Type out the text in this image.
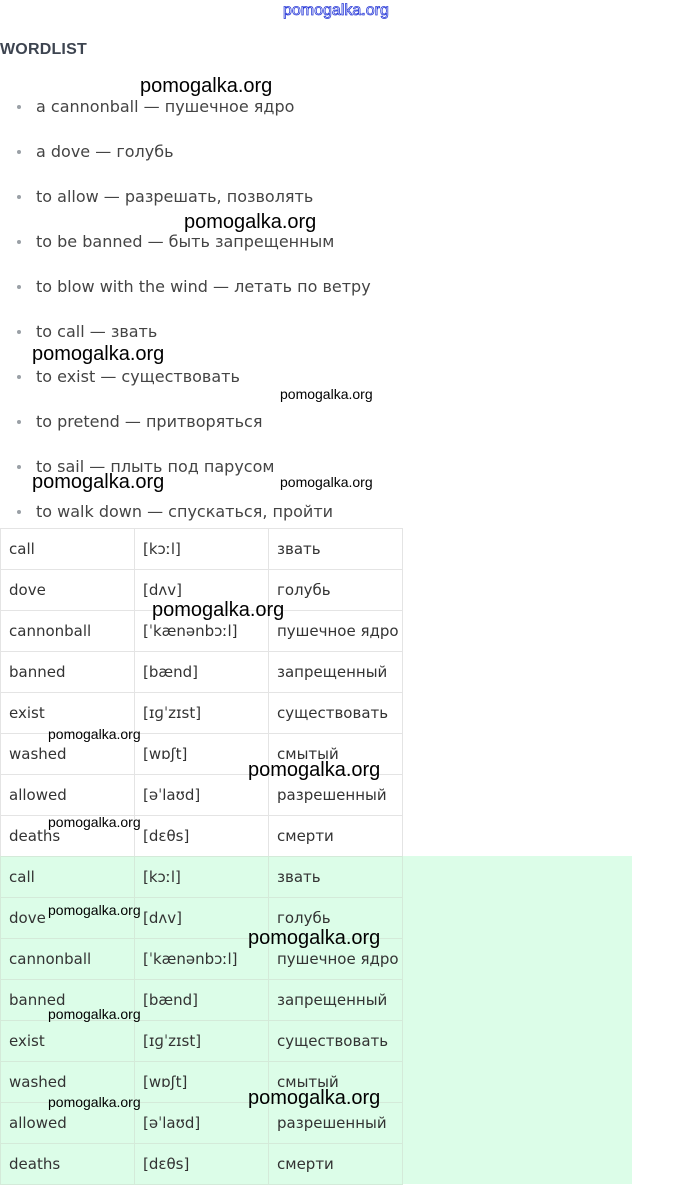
pomogalka.org
WORDLIST
a cannonball — пушечное ядро
a dove — голубь
to allow — разрешать, позволять
to be banned — быть запрещенным
to blow with the wind — летать по ветру
to call — звать
to exist — существовать
to pretend — притворяться
to sail — плыть под парусом
to walk down — спускаться, пройти
call	[kɔːl]	звать
dove	[dʌv]	голубь
cannonball	[ˈkænənbɔːl]	пушечное ядро
banned	[bænd]	запрещенный
exist	[ɪɡˈzɪst]	существовать
washed	[wɒʃt]	смытый
allowed	[əˈlaʊd]	разрешенный
deaths	[dɛθs]	смерти
call	[kɔːl]	звать
dove	[dʌv]	голубь
cannonball	[ˈkænənbɔːl]	пушечное ядро
banned	[bænd]	запрещенный
exist	[ɪɡˈzɪst]	существовать
washed	[wɒʃt]	смытый
allowed	[əˈlaʊd]	разрешенный
deaths	[dɛθs]	смерти
pomogalka.org
pomogalka.org
pomogalka.org
pomogalka.org
pomogalka.org	pomogalka.org
pomogalka.org
pomogalka.org
pomogalka.org
pomogalka.org
pomogalka.org
pomogalka.org
pomogalka.org
pomogalka.org	pomogalka.org
